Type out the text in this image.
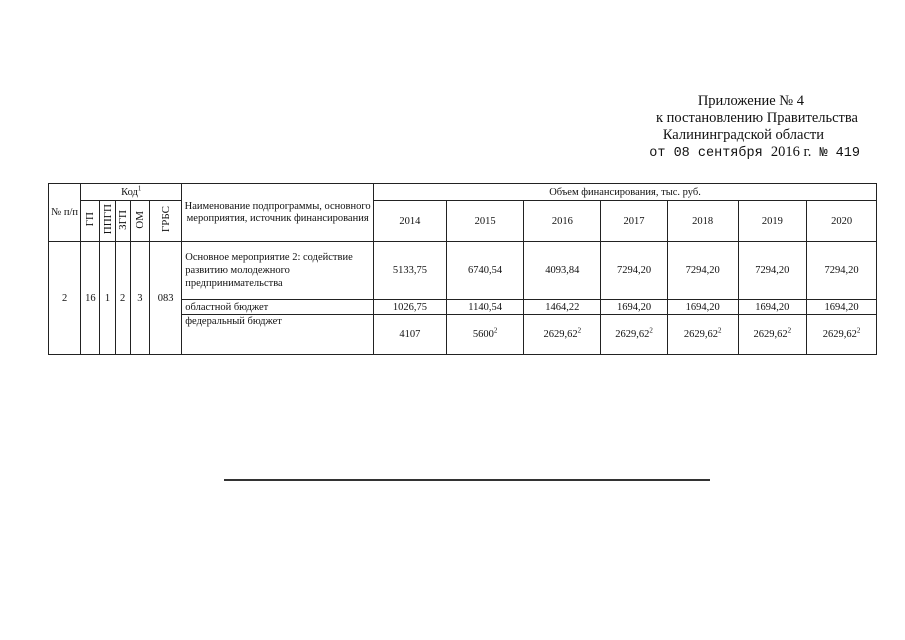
Приложение № 4
к постановлению Правительства
Калининградской области
от 08 сентября 2016 г. № 419
№ п/п	Код$^1$					Наименование подпрограммы, основного мероприятия, источник финансирования	Объем финансирования, тыс. руб.						
	ГП	ППГП	ЗГП	ОМ	ГРБС		2014	2015	2016	2017	2018	2019	2020
2	16	1	2	3	083	Основное мероприятие 2: содействие развитию молодежного предпринимательства	5133,75	6740,54	4093,84	7294,20	7294,20	7294,20	7294,20
						областной бюджет	1026,75	1140,54	1464,22	1694,20	1694,20	1694,20	1694,20
						федеральный бюджет	4107	5600$^2$	2629,62$^2$	2629,62$^2$	2629,62$^2$	2629,62$^2$	2629,62$^2$
